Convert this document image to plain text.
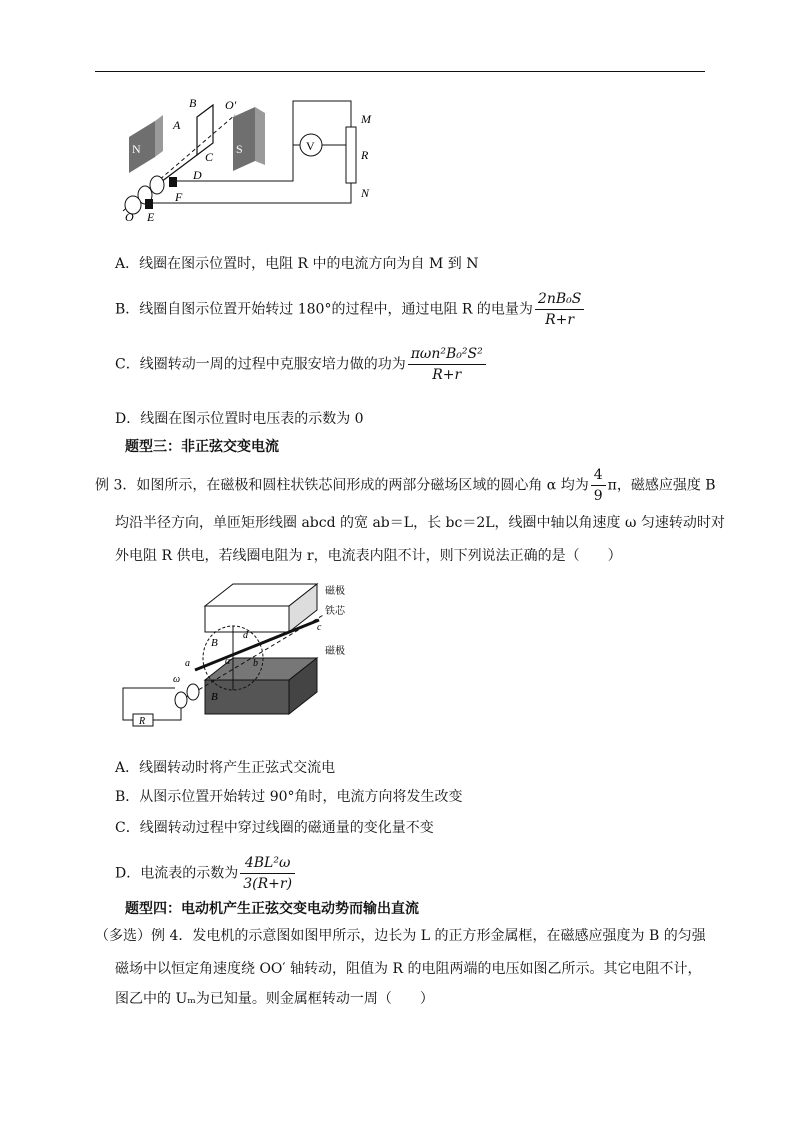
N	S
B
A
O′
C
D
F
E
O
V
M
R
N
A．线圈在图示位置时，电阻 R 中的电流方向为自 M 到 N
B．线圈自图示位置开始转过 180°的过程中，通过电阻 R 的电量为 $\frac{\text{2nB₀S}}{R+r}$
C．线圈转动一周的过程中克服安培力做的功为 $\frac{\text{πωn²B₀²S²}}{R+r}$
D．线圈在图示位置时电压表的示数为 0
题型三：非正弦交变电流
例 3．如图所示，在磁极和圆柱状铁芯间形成的两部分磁场区域的圆心角 α 均为 $\frac{4}{9}$ π，磁感应强度 B
均沿半径方向，单匝矩形线圈 abcd 的宽 ab＝L，长 bc＝2L，线圈中轴以角速度 ω 匀速转动时对
外电阻 R 供电，若线圈电阻为 r，电流表内阻不计，则下列说法正确的是（　　）
R
磁极
铁芯
磁极
B
B
a	b
c
d
α
ω
A．线圈转动时将产生正弦式交流电
B．从图示位置开始转过 90°角时，电流方向将发生改变
C．线圈转动过程中穿过线圈的磁通量的变化量不变
D．电流表的示数为 $\frac{\text{4BL²ω}}{3(R+r)}$
题型四：电动机产生正弦交变电动势而输出直流
（多选）例 4．发电机的示意图如图甲所示，边长为 L 的正方形金属框，在磁感应强度为 B 的匀强
磁场中以恒定角速度绕 OO′ 轴转动，阻值为 R 的电阻两端的电压如图乙所示。其它电阻不计，
图乙中的 Uₘ为已知量。则金属框转动一周（　　）
